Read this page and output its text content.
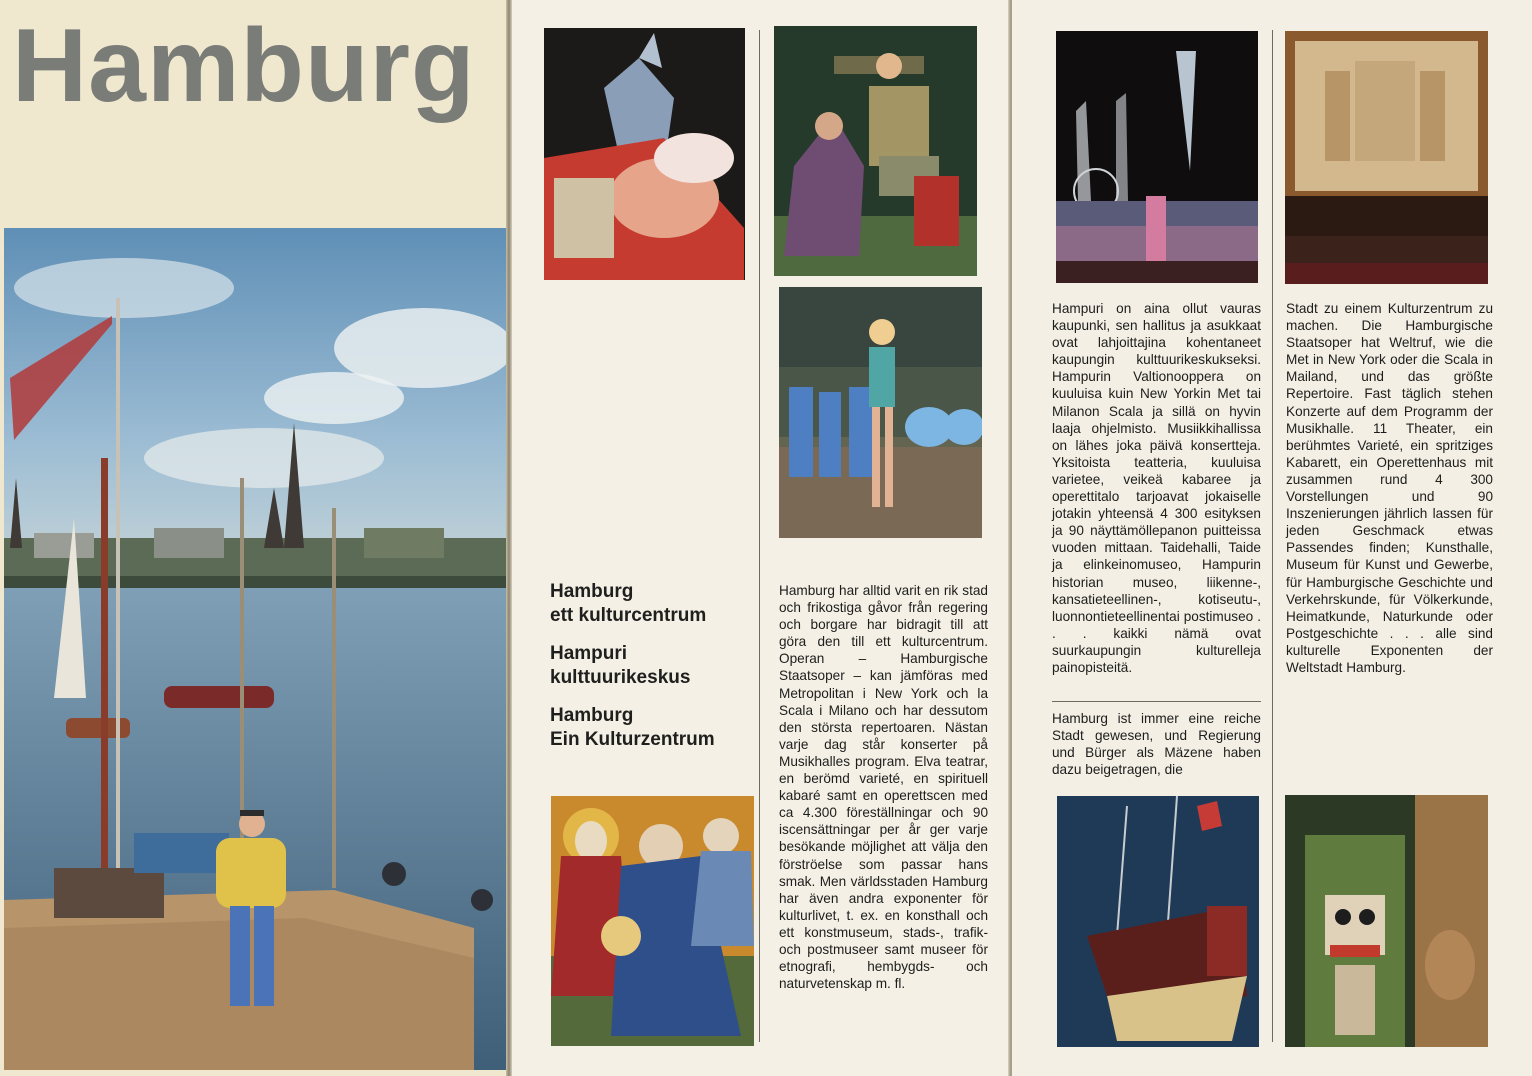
Hamburg

Hamburg
ett kulturcentrum

Hampuri
kulttuurikeskus

Hamburg
Ein Kulturzentrum

Hamburg har alltid varit en rik stad och frikostiga gåvor från regering och borgare har bidragit till att göra den till ett kulturcentrum. Operan – Hamburgische Staatsoper – kan jämföras med Metropolitan i New York och la Scala i Milano och har dessutom den största repertoaren. Nästan varje dag står konserter på Musikhalles program. Elva teatrar, en berömd varieté, en spirituell kabaré samt en operettscen med ca 4.300 föreställningar och 90 iscensättningar per år ger varje besökande möjlighet att välja den förströelse som passar hans smak. Men världsstaden Hamburg har även andra exponenter för kulturlivet, t. ex. en konsthall och ett konstmuseum, stads-, trafik- och postmuseer samt museer för etnografi, hembygds- och naturvetenskap m. fl.

Hampuri on aina ollut vauras kaupunki, sen hallitus ja asukkaat ovat lahjoittajina kohentaneet kaupungin kulttuurikeskukseksi. Hampurin Valtionooppera on kuuluisa kuin New Yorkin Met tai Milanon Scala ja sillä on hyvin laaja ohjelmisto. Musiikkihallissa on lähes joka päivä konsertteja. Yksitoista teatteria, kuuluisa varietee, veikeä kabaree ja operettitalo tarjoavat jokaiselle jotakin yhteensä 4 300 esityksen ja 90 näyttämöllepanon puitteissa vuoden mittaan. Taidehalli, Taide ja elinkeinomuseo, Hampurin historian museo, liikenne-, kansatieteellinen-, kotiseutu-, luonnontieteellinentai postimuseo . . . kaikki nämä ovat suurkaupungin kulturelleja painopisteitä.

Hamburg ist immer eine reiche Stadt gewesen, und Regierung und Bürger als Mäzene haben dazu beigetragen, die

Stadt zu einem Kulturzentrum zu machen. Die Hamburgische Staatsoper hat Weltruf, wie die Met in New York oder die Scala in Mailand, und das größte Repertoire. Fast täglich stehen Konzerte auf dem Programm der Musikhalle. 11 Theater, ein berühmtes Varieté, ein spritziges Kabarett, ein Operettenhaus mit zusammen rund 4 300 Vorstellungen und 90 Inszenierungen jährlich lassen für jeden Geschmack etwas Passendes finden; Kunsthalle, Museum für Kunst und Gewerbe, für Hamburgische Geschichte und Verkehrskunde, für Völkerkunde, Heimatkunde, Naturkunde oder Postgeschichte . . . alle sind kulturelle Exponenten der Weltstadt Hamburg.
